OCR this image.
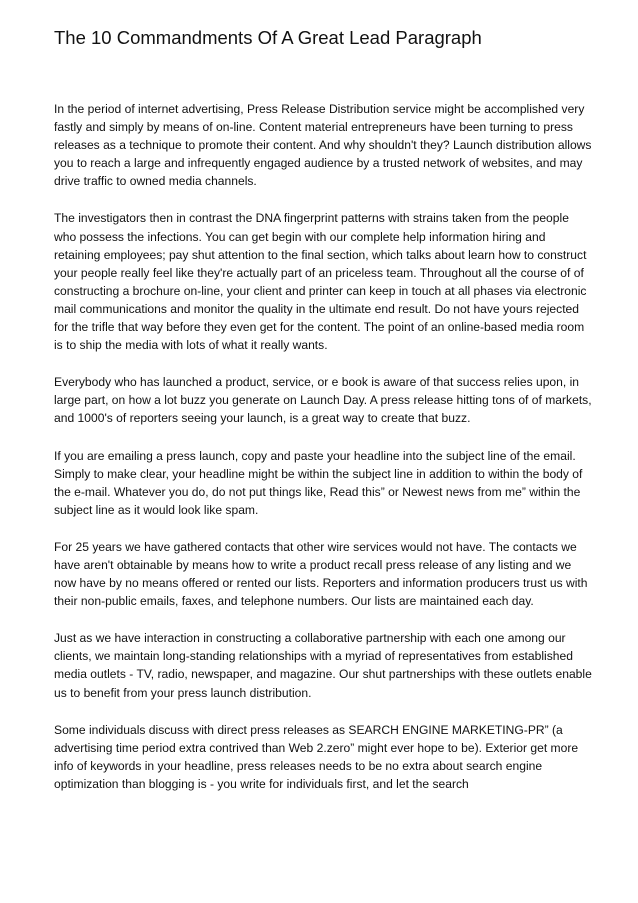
The 10 Commandments Of A Great Lead Paragraph

In the period of internet advertising, Press Release Distribution service might be accomplished very fastly and simply by means of on-line. Content material entrepreneurs have been turning to press releases as a technique to promote their content. And why shouldn't they? Launch distribution allows you to reach a large and infrequently engaged audience by a trusted network of websites, and may drive traffic to owned media channels.

The investigators then in contrast the DNA fingerprint patterns with strains taken from the people who possess the infections. You can get begin with our complete help information hiring and retaining employees; pay shut attention to the final section, which talks about learn how to construct your people really feel like they're actually part of an priceless team. Throughout all the course of of constructing a brochure on-line, your client and printer can keep in touch at all phases via electronic mail communications and monitor the quality in the ultimate end result. Do not have yours rejected for the trifle that way before they even get for the content. The point of an online-based media room is to ship the media with lots of what it really wants.

Everybody who has launched a product, service, or e book is aware of that success relies upon, in large part, on how a lot buzz you generate on Launch Day. A press release hitting tons of of markets, and 1000's of reporters seeing your launch, is a great way to create that buzz.

If you are emailing a press launch, copy and paste your headline into the subject line of the email. Simply to make clear, your headline might be within the subject line in addition to within the body of the e-mail. Whatever you do, do not put things like, Read this” or Newest news from me” within the subject line as it would look like spam.

For 25 years we have gathered contacts that other wire services would not have. The contacts we have aren't obtainable by means how to write a product recall press release of any listing and we now have by no means offered or rented our lists. Reporters and information producers trust us with their non-public emails, faxes, and telephone numbers. Our lists are maintained each day.

Just as we have interaction in constructing a collaborative partnership with each one among our clients, we maintain long-standing relationships with a myriad of representatives from established media outlets - TV, radio, newspaper, and magazine. Our shut partnerships with these outlets enable us to benefit from your press launch distribution.

Some individuals discuss with direct press releases as SEARCH ENGINE MARKETING-PR” (a advertising time period extra contrived than Web 2.zero” might ever hope to be). Exterior get more info of keywords in your headline, press releases needs to be no extra about search engine optimization than blogging is - you write for individuals first, and let the search
